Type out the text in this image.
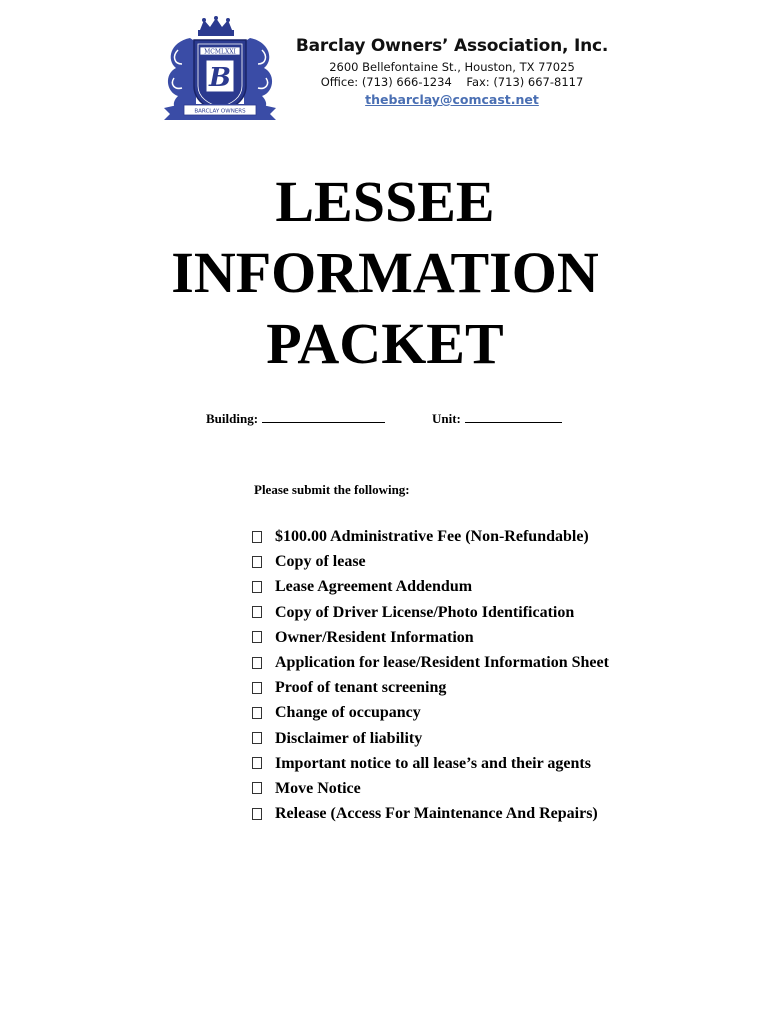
MCMLXXI
B
BARCLAY OWNERS
Barclay Owners’ Association, Inc.
2600 Bellefontaine St., Houston, TX 77025
Office: (713) 666-1234    Fax: (713) 667-8117
thebarclay@comcast.net
LESSEE
INFORMATION
PACKET
Building:	Unit:
Please submit the following:
$100.00 Administrative Fee (Non-Refundable)
Copy of lease
Lease Agreement Addendum
Copy of Driver License/Photo Identification
Owner/Resident Information
Application for lease/Resident Information Sheet
Proof of tenant screening
Change of occupancy
Disclaimer of liability
Important notice to all lease’s and their agents
Move Notice
Release (Access For Maintenance And Repairs)
